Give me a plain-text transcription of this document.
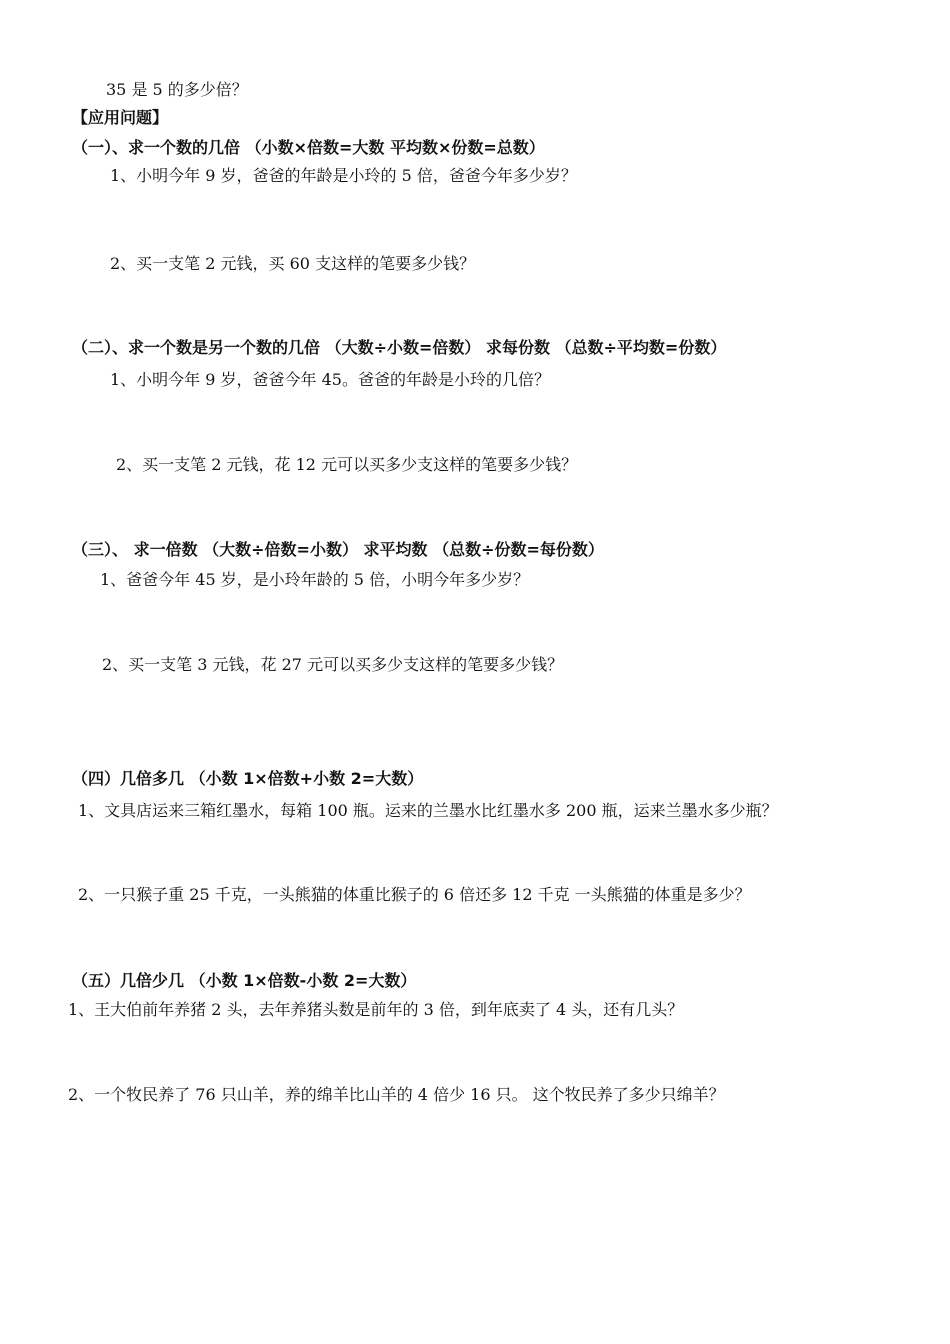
35 是 5 的多少倍？
【应用问题】
（一）、求一个数的几倍 （小数×倍数=大数 平均数×份数=总数）
1、小明今年 9 岁，爸爸的年龄是小玲的 5 倍，爸爸今年多少岁？
2、买一支笔 2 元钱，买 60 支这样的笔要多少钱？
（二）、求一个数是另一个数的几倍 （大数÷小数=倍数） 求每份数 （总数÷平均数=份数）
1、小明今年 9 岁，爸爸今年 45。爸爸的年龄是小玲的几倍？
2、买一支笔 2 元钱，花 12 元可以买多少支这样的笔要多少钱？
（三）、 求一倍数 （大数÷倍数=小数） 求平均数 （总数÷份数=每份数）
1、爸爸今年 45 岁，是小玲年龄的 5 倍，小明今年多少岁？
2、买一支笔 3 元钱，花 27 元可以买多少支这样的笔要多少钱？
（四）几倍多几 （小数 1×倍数+小数 2=大数）
1、文具店运来三箱红墨水，每箱 100 瓶。运来的兰墨水比红墨水多 200 瓶，运来兰墨水多少瓶？
2、一只猴子重 25 千克，一头熊猫的体重比猴子的 6 倍还多 12 千克 一头熊猫的体重是多少？
（五）几倍少几 （小数 1×倍数-小数 2=大数）
1、王大伯前年养猪 2 头，去年养猪头数是前年的 3 倍，到年底卖了 4 头，还有几头？
2、一个牧民养了 76 只山羊，养的绵羊比山羊的 4 倍少 16 只。 这个牧民养了多少只绵羊？
